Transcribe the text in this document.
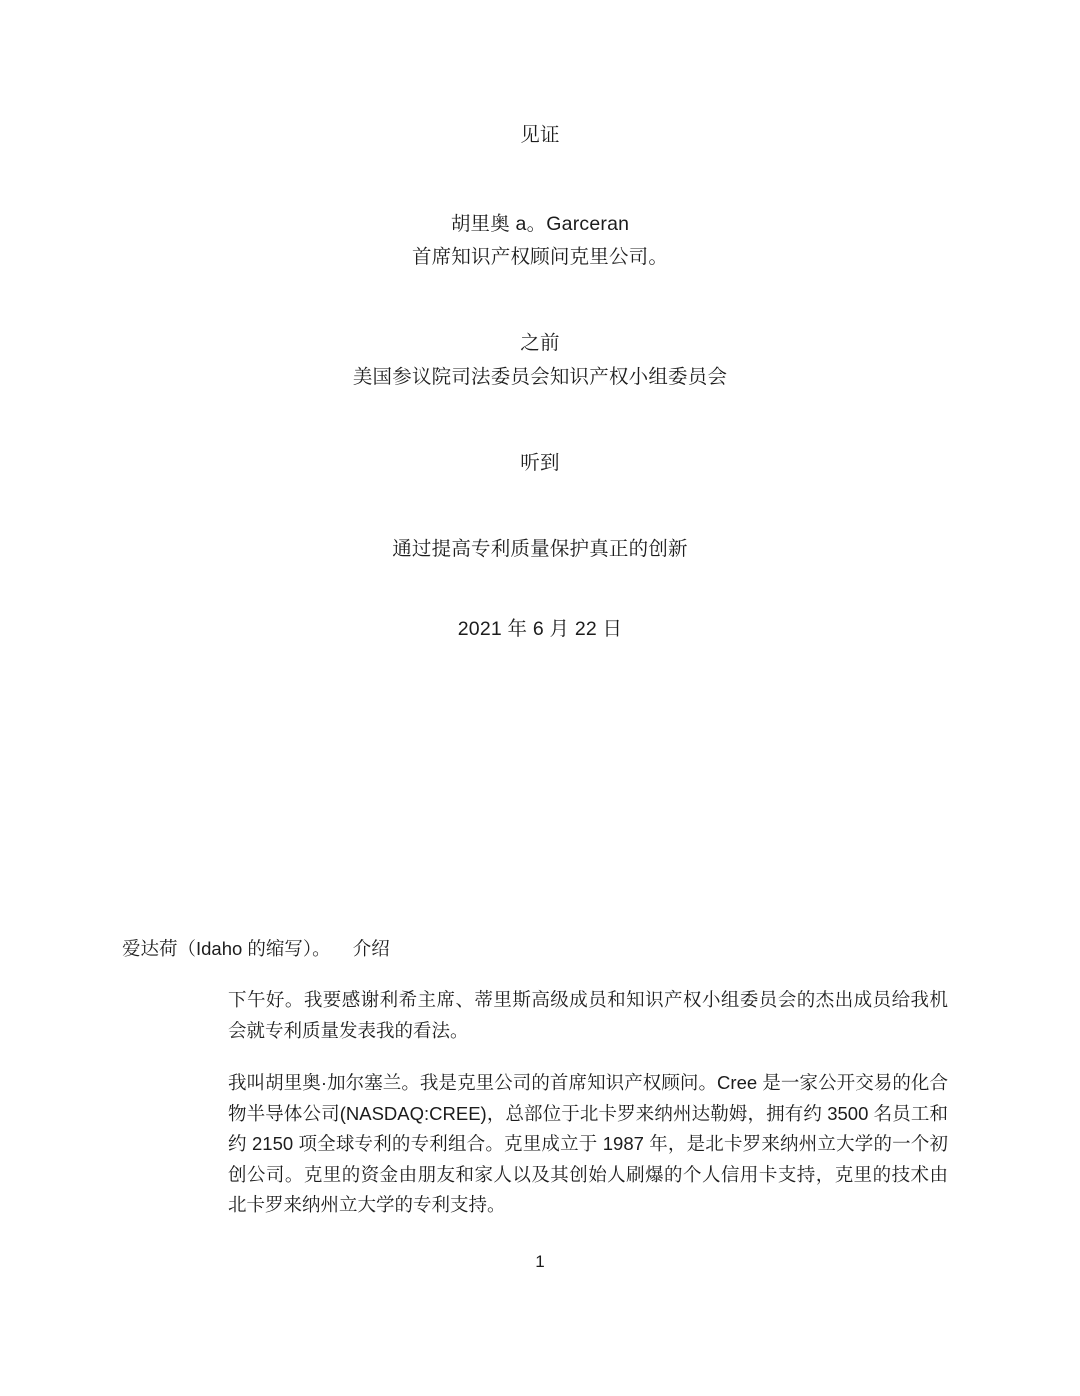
见证
胡里奥 a。Garceran
首席知识产权顾问克里公司。
之前
美国参议院司法委员会知识产权小组委员会
听到
通过提高专利质量保护真正的创新
2021 年 6 月 22 日
爱达荷（Idaho 的缩写）。 介绍

下午好。我要感谢利希主席、蒂里斯高级成员和知识产权小组委员会的杰出成员给我机会就专利质量发表我的看法。

我叫胡里奥·加尔塞兰。我是克里公司的首席知识产权顾问。Cree 是一家公开交易的化合物半导体公司(NASDAQ:CREE)，总部位于北卡罗来纳州达勒姆，拥有约 3500 名员工和约 2150 项全球专利的专利组合。克里成立于 1987 年，是北卡罗来纳州立大学的一个初创公司。克里的资金由朋友和家人以及其创始人刷爆的个人信用卡支持，克里的技术由北卡罗来纳州立大学的专利支持。

1
